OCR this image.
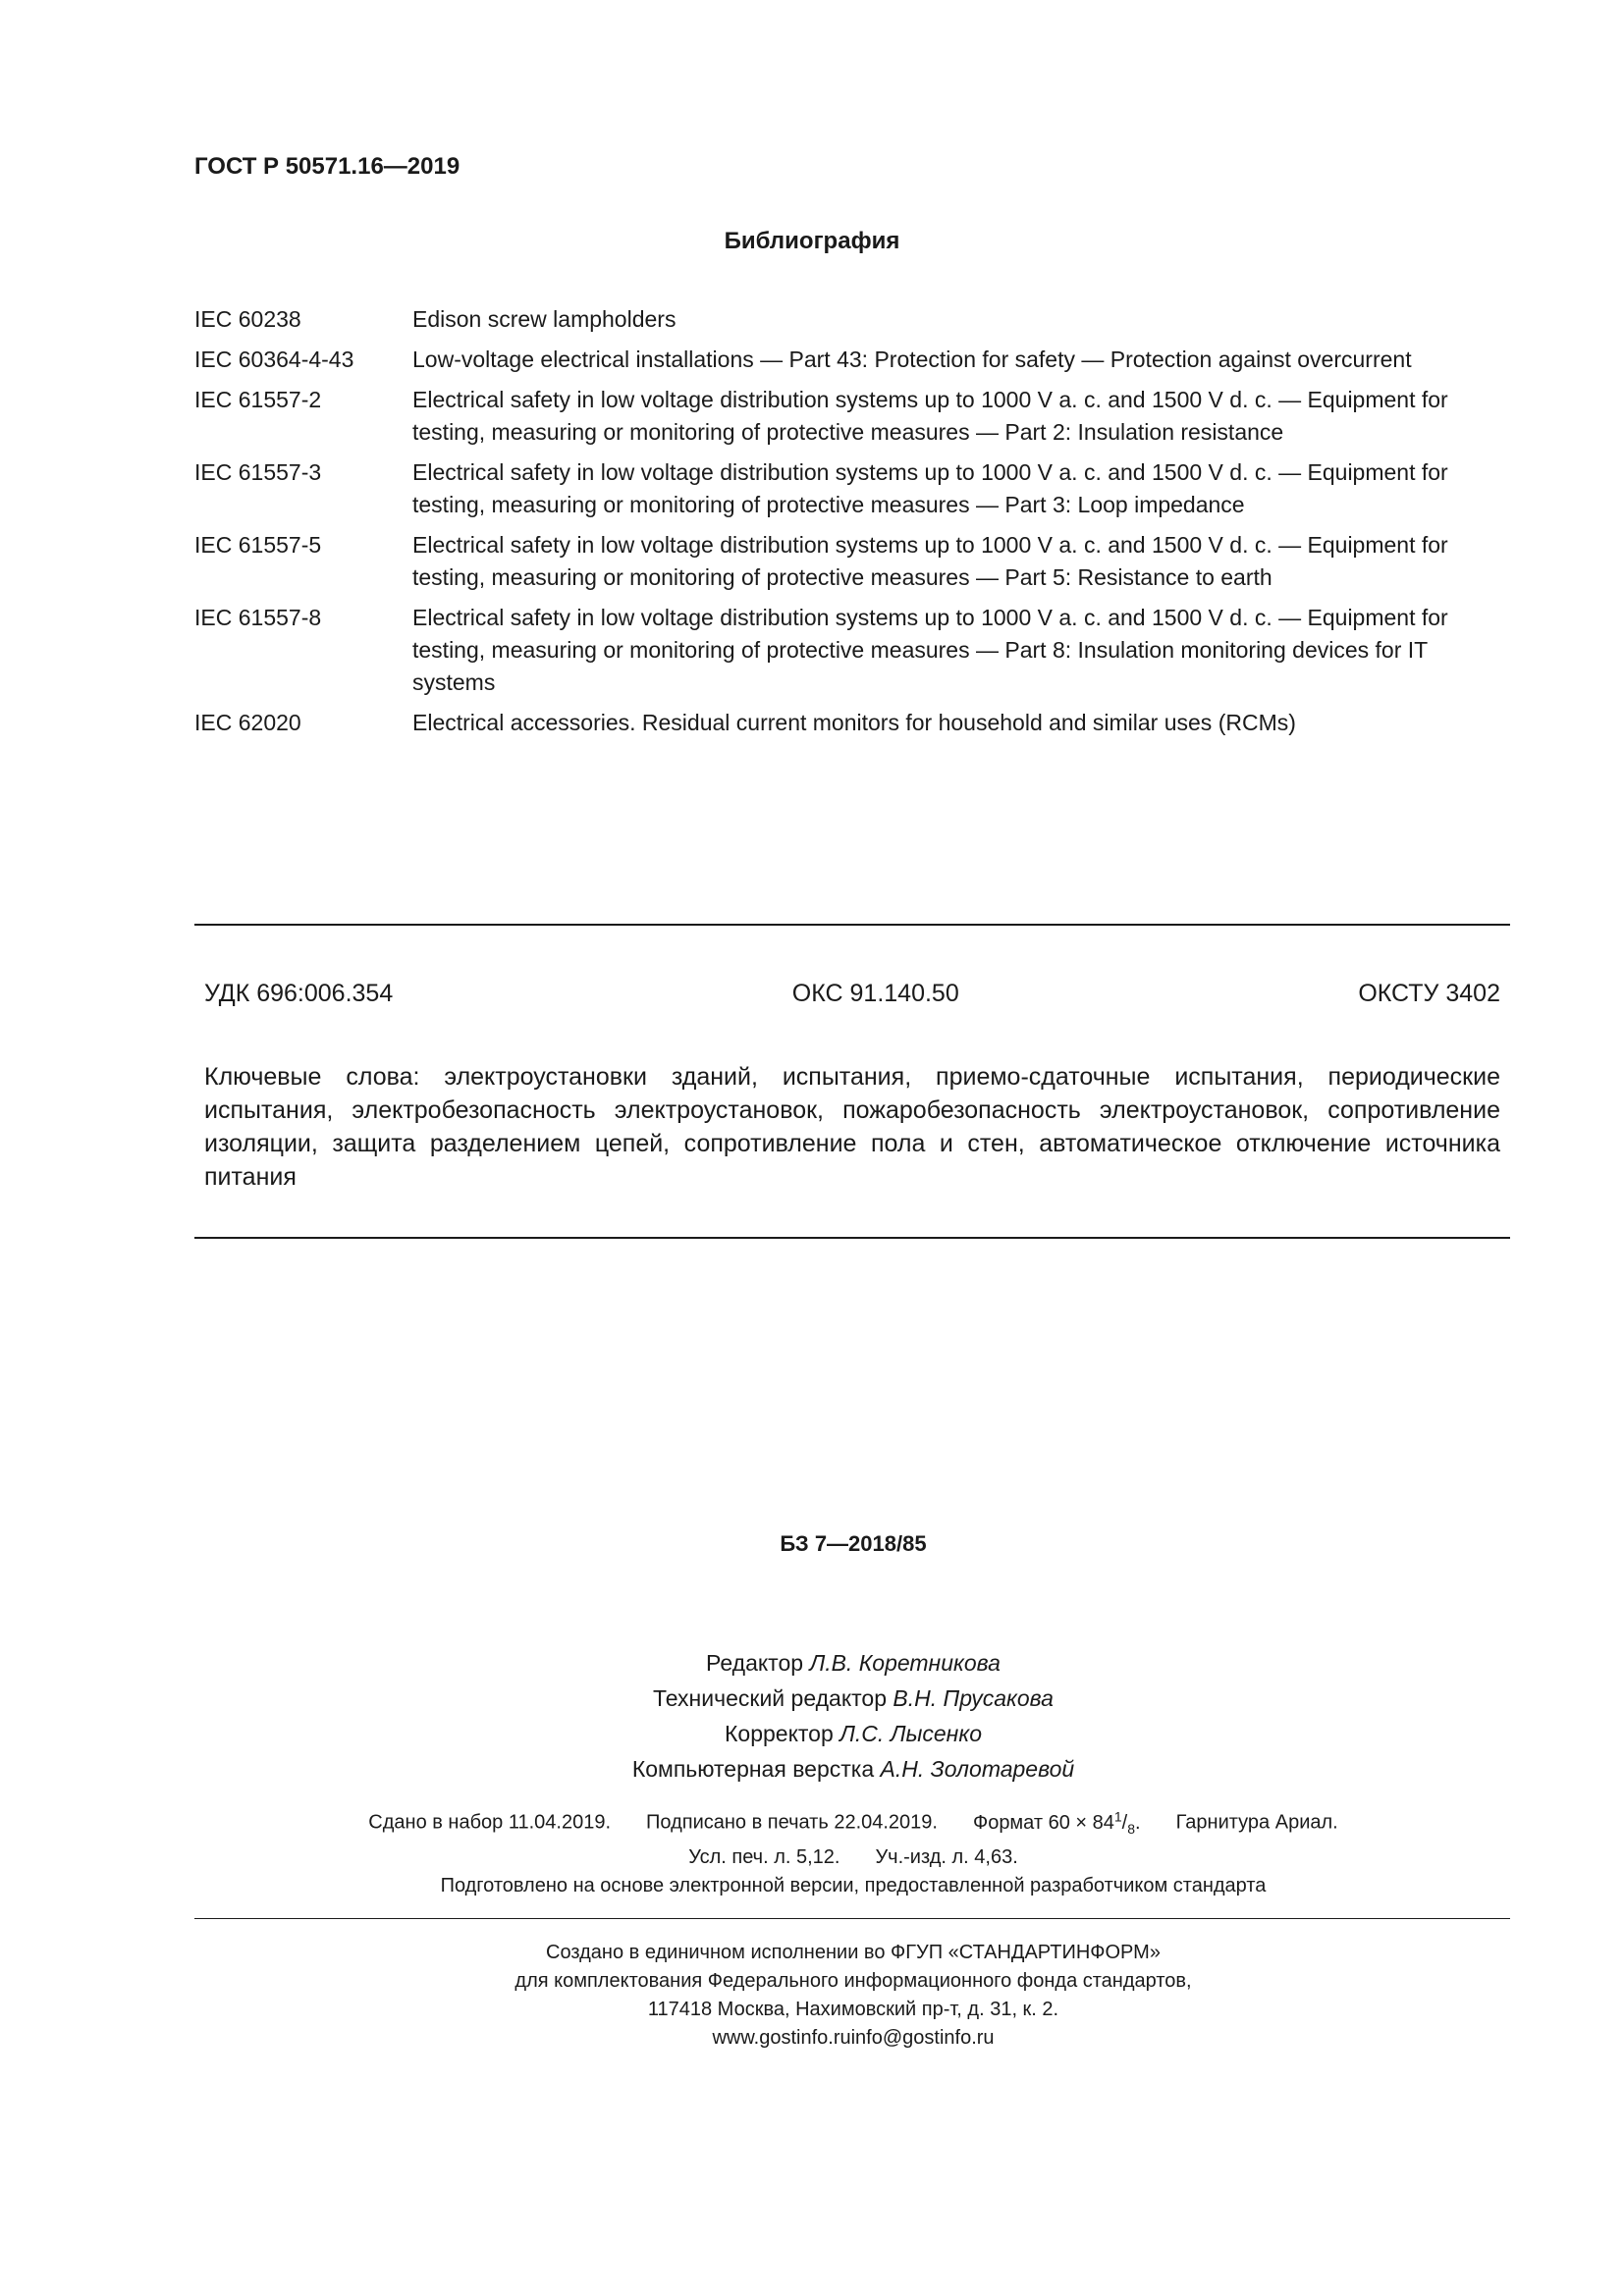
ГОСТ Р 50571.16—2019
Библиография
IEC 60238	Edison screw lampholders
IEC 60364-4-43	Low-voltage electrical installations — Part 43: Protection for safety — Protection against overcurrent
IEC 61557-2	Electrical safety in low voltage distribution systems up to 1000 V a. c. and 1500 V d. c. — Equipment for testing, measuring or monitoring of protective measures — Part 2: Insulation resistance
IEC 61557-3	Electrical safety in low voltage distribution systems up to 1000 V a. c. and 1500 V d. c. — Equipment for testing, measuring or monitoring of protective measures — Part 3: Loop impedance
IEC 61557-5	Electrical safety in low voltage distribution systems up to 1000 V a. c. and 1500 V d. c. — Equipment for testing, measuring or monitoring of protective measures — Part 5: Resistance to earth
IEC 61557-8	Electrical safety in low voltage distribution systems up to 1000 V a. c. and 1500 V d. c. — Equipment for testing, measuring or monitoring of protective measures — Part 8: Insulation monitoring devices for IT systems
IEC 62020	Electrical accessories. Residual current monitors for household and similar uses (RCMs)
УДК 696:006.354	ОКС 91.140.50	ОКСТУ 3402
Ключевые слова: электроустановки зданий, испытания, приемо-сдаточные испытания, периодические испытания, электробезопасность электроустановок, пожаробезопасность электроустановок, сопротивление изоляции, защита разделением цепей, сопротивление пола и стен, автоматическое отключение источника питания
БЗ 7—2018/85
Редактор Л.В. Коретникова
Технический редактор В.Н. Прусакова
Корректор Л.С. Лысенко
Компьютерная верстка А.Н. Золотаревой
Сдано в набор 11.04.2019. Подписано в печать 22.04.2019. Формат $60 \times 84^1/_8$. Гарнитура Ариал.
Усл. печ. л. 5,12. Уч.-изд. л. 4,63.
Подготовлено на основе электронной версии, предоставленной разработчиком стандарта
Создано в единичном исполнении во ФГУП «СТАНДАРТИНФОРМ»
для комплектования Федерального информационного фонда стандартов,
117418 Москва, Нахимовский пр-т, д. 31, к. 2.
www.gostinfo.ruinfo@gostinfo.ru
